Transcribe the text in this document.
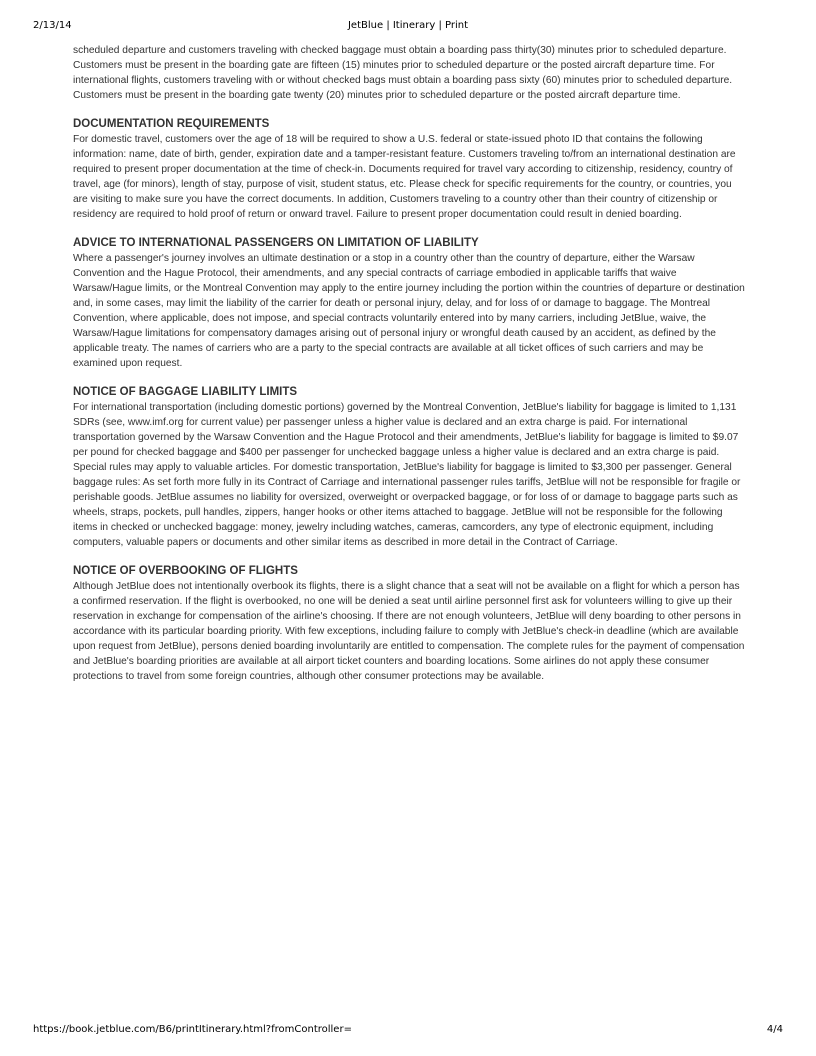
2/13/14	JetBlue | Itinerary | Print

scheduled departure and customers traveling with checked baggage must obtain a boarding pass thirty(30) minutes prior to scheduled departure. Customers must be present in the boarding gate are fifteen (15) minutes prior to scheduled departure or the posted aircraft departure time. For international flights, customers traveling with or without checked bags must obtain a boarding pass sixty (60) minutes prior to scheduled departure. Customers must be present in the boarding gate twenty (20) minutes prior to scheduled departure or the posted aircraft departure time.

DOCUMENTATION REQUIREMENTS

For domestic travel, customers over the age of 18 will be required to show a U.S. federal or state-issued photo ID that contains the following information: name, date of birth, gender, expiration date and a tamper-resistant feature. Customers traveling to/from an international destination are required to present proper documentation at the time of check-in. Documents required for travel vary according to citizenship, residency, country of travel, age (for minors), length of stay, purpose of visit, student status, etc. Please check for specific requirements for the country, or countries, you are visiting to make sure you have the correct documents. In addition, Customers traveling to a country other than their country of citizenship or residency are required to hold proof of return or onward travel. Failure to present proper documentation could result in denied boarding.

ADVICE TO INTERNATIONAL PASSENGERS ON LIMITATION OF LIABILITY

Where a passenger's journey involves an ultimate destination or a stop in a country other than the country of departure, either the Warsaw Convention and the Hague Protocol, their amendments, and any special contracts of carriage embodied in applicable tariffs that waive Warsaw/Hague limits, or the Montreal Convention may apply to the entire journey including the portion within the countries of departure or destination and, in some cases, may limit the liability of the carrier for death or personal injury, delay, and for loss of or damage to baggage. The Montreal Convention, where applicable, does not impose, and special contracts voluntarily entered into by many carriers, including JetBlue, waive, the Warsaw/Hague limitations for compensatory damages arising out of personal injury or wrongful death caused by an accident, as defined by the applicable treaty. The names of carriers who are a party to the special contracts are available at all ticket offices of such carriers and may be examined upon request.

NOTICE OF BAGGAGE LIABILITY LIMITS

For international transportation (including domestic portions) governed by the Montreal Convention, JetBlue's liability for baggage is limited to 1,131 SDRs (see, www.imf.org for current value) per passenger unless a higher value is declared and an extra charge is paid. For international transportation governed by the Warsaw Convention and the Hague Protocol and their amendments, JetBlue's liability for baggage is limited to $9.07 per pound for checked baggage and $400 per passenger for unchecked baggage unless a higher value is declared and an extra charge is paid. Special rules may apply to valuable articles. For domestic transportation, JetBlue's liability for baggage is limited to $3,300 per passenger. General baggage rules: As set forth more fully in its Contract of Carriage and international passenger rules tariffs, JetBlue will not be responsible for fragile or perishable goods. JetBlue assumes no liability for oversized, overweight or overpacked baggage, or for loss of or damage to baggage parts such as wheels, straps, pockets, pull handles, zippers, hanger hooks or other items attached to baggage. JetBlue will not be responsible for the following items in checked or unchecked baggage: money, jewelry including watches, cameras, camcorders, any type of electronic equipment, including computers, valuable papers or documents and other similar items as described in more detail in the Contract of Carriage.

NOTICE OF OVERBOOKING OF FLIGHTS

Although JetBlue does not intentionally overbook its flights, there is a slight chance that a seat will not be available on a flight for which a person has a confirmed reservation. If the flight is overbooked, no one will be denied a seat until airline personnel first ask for volunteers willing to give up their reservation in exchange for compensation of the airline's choosing. If there are not enough volunteers, JetBlue will deny boarding to other persons in accordance with its particular boarding priority. With few exceptions, including failure to comply with JetBlue's check-in deadline (which are available upon request from JetBlue), persons denied boarding involuntarily are entitled to compensation. The complete rules for the payment of compensation and JetBlue's boarding priorities are available at all airport ticket counters and boarding locations. Some airlines do not apply these consumer protections to travel from some foreign countries, although other consumer protections may be available.

https://book.jetblue.com/B6/printItinerary.html?fromController=	4/4
